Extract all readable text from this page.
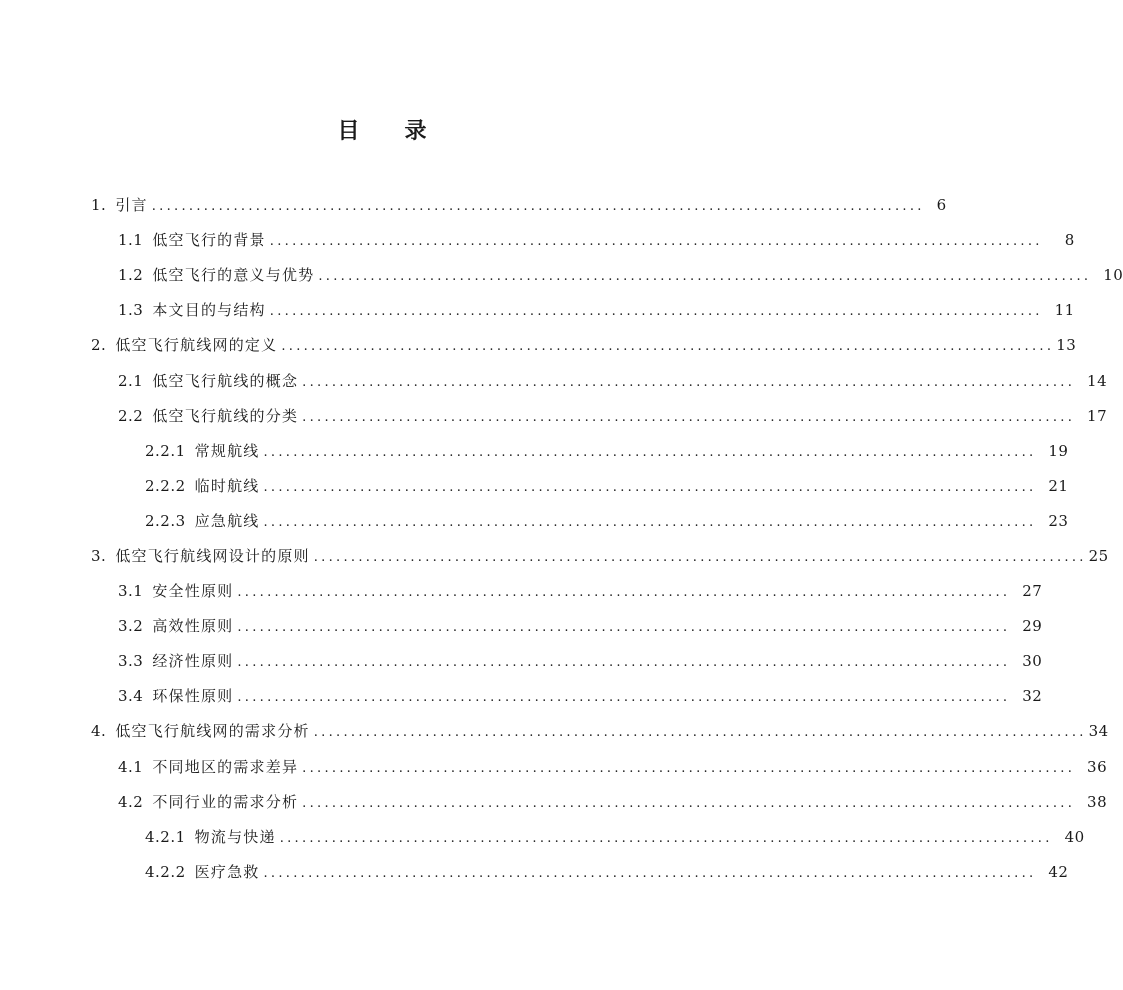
目 录
1. 引言 ........................................................................................................ 6
1.1 低空飞行的背景 ........................................................................................................	8
1.2 低空飞行的意义与优势 ........................................................................................................ 10
1.3 本文目的与结构 ........................................................................................................ 11
2. 低空飞行航线网的定义 ........................................................................................................ 13
2.1 低空飞行航线的概念 ........................................................................................................ 14
2.2 低空飞行航线的分类 ........................................................................................................ 17
2.2.1 常规航线 ........................................................................................................ 19
2.2.2 临时航线 ........................................................................................................ 21
2.2.3 应急航线 ........................................................................................................ 23
3. 低空飞行航线网设计的原则 ........................................................................................................ 25
3.1 安全性原则 ........................................................................................................ 27
3.2 高效性原则 ........................................................................................................ 29
3.3 经济性原则 ........................................................................................................ 30
3.4 环保性原则 ........................................................................................................ 32
4. 低空飞行航线网的需求分析 ........................................................................................................ 34
4.1 不同地区的需求差异 ........................................................................................................ 36
4.2 不同行业的需求分析 ........................................................................................................ 38
4.2.1 物流与快递 ........................................................................................................ 40
4.2.2 医疗急救 ........................................................................................................ 42
